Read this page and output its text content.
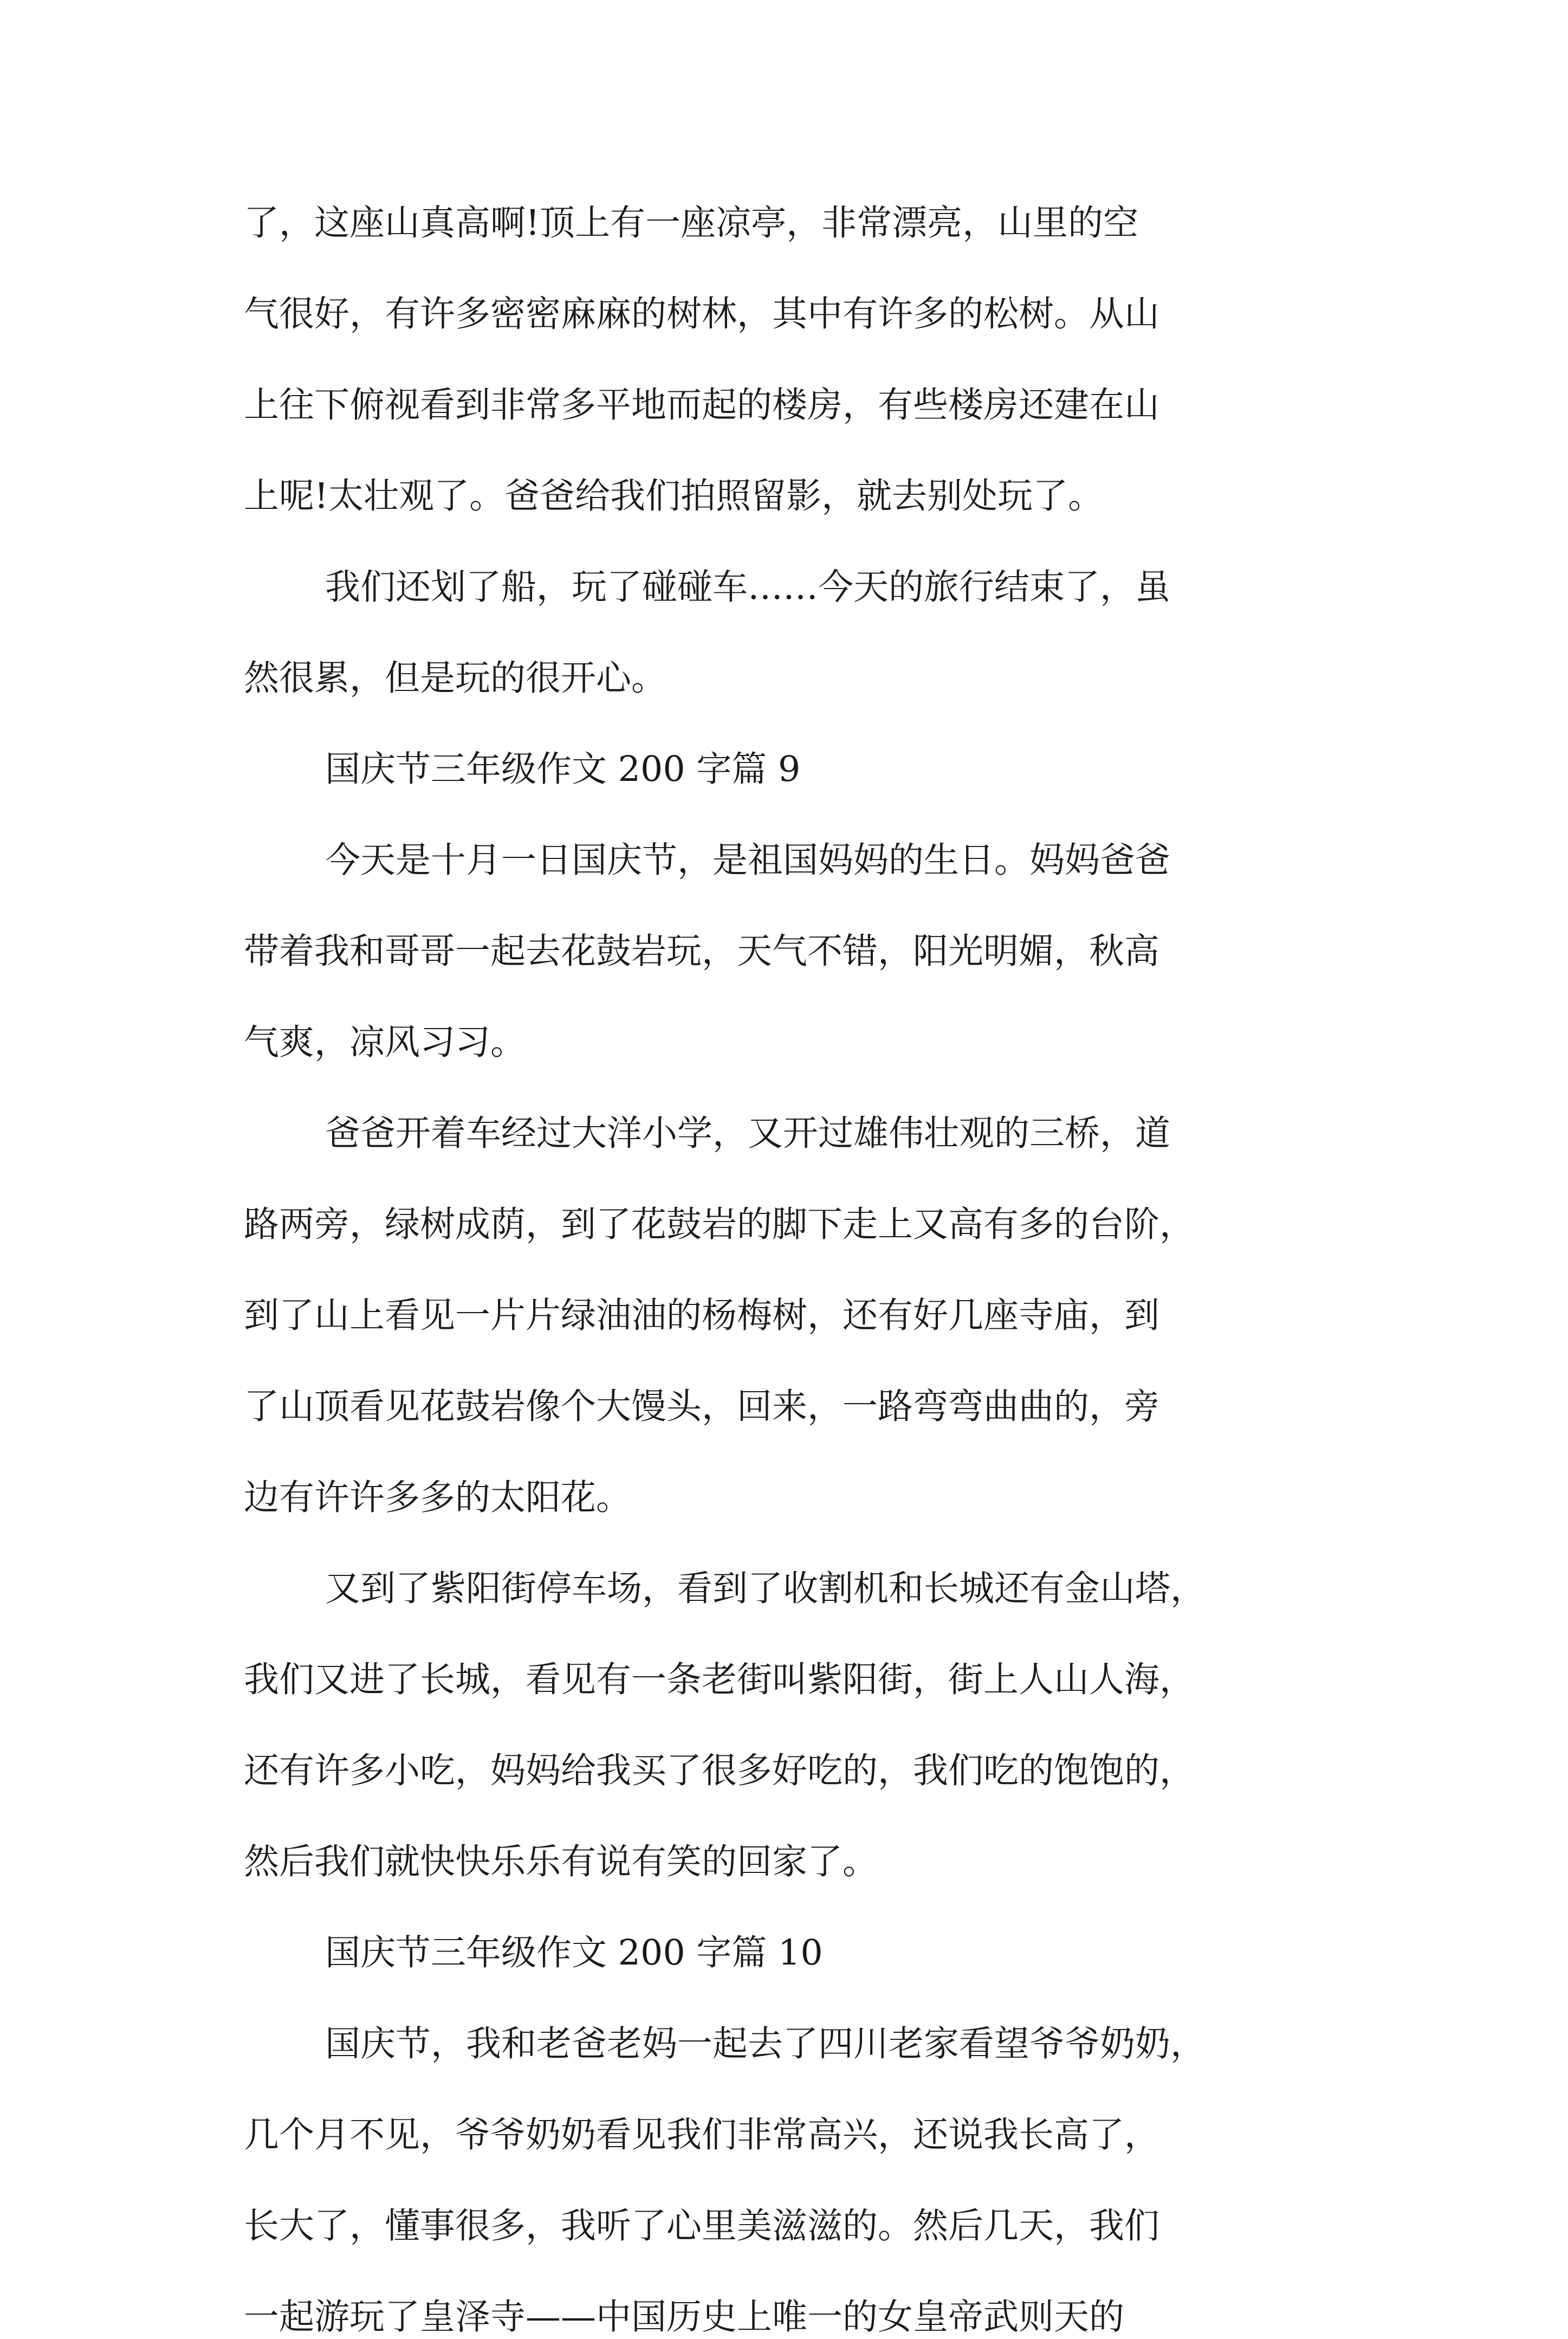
了，这座山真高啊!顶上有一座凉亭，非常漂亮，山里的空
气很好，有许多密密麻麻的树林，其中有许多的松树。从山
上往下俯视看到非常多平地而起的楼房，有些楼房还建在山
上呢!太壮观了。爸爸给我们拍照留影，就去别处玩了。
我们还划了船，玩了碰碰车……今天的旅行结束了，虽
然很累，但是玩的很开心。
国庆节三年级作文 200 字篇 9
今天是十月一日国庆节，是祖国妈妈的生日。妈妈爸爸
带着我和哥哥一起去花鼓岩玩，天气不错，阳光明媚，秋高
气爽，凉风习习。
爸爸开着车经过大洋小学，又开过雄伟壮观的三桥，道
路两旁，绿树成荫，到了花鼓岩的脚下走上又高有多的台阶，
到了山上看见一片片绿油油的杨梅树，还有好几座寺庙，到
了山顶看见花鼓岩像个大馒头，回来，一路弯弯曲曲的，旁
边有许许多多的太阳花。
又到了紫阳街停车场，看到了收割机和长城还有金山塔，
我们又进了长城，看见有一条老街叫紫阳街，街上人山人海，
还有许多小吃，妈妈给我买了很多好吃的，我们吃的饱饱的，
然后我们就快快乐乐有说有笑的回家了。
国庆节三年级作文 200 字篇 10
国庆节，我和老爸老妈一起去了四川老家看望爷爷奶奶，
几个月不见，爷爷奶奶看见我们非常高兴，还说我长高了，
长大了，懂事很多，我听了心里美滋滋的。然后几天，我们
一起游玩了皇泽寺——中国历史上唯一的女皇帝武则天的
